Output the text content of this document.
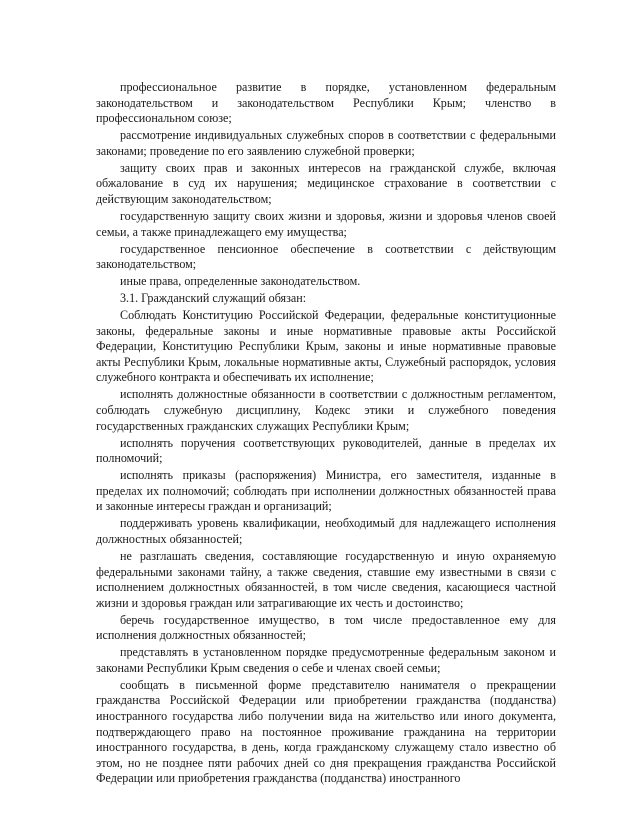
профессиональное развитие в порядке, установленном федеральным законодательством и законодательством Республики Крым; членство в профессиональном союзе;

рассмотрение индивидуальных служебных споров в соответствии с федеральными законами; проведение по его заявлению служебной проверки;

защиту своих прав и законных интересов на гражданской службе, включая обжалование в суд их нарушения; медицинское страхование в соответствии с действующим законодательством;

государственную защиту своих жизни и здоровья, жизни и здоровья членов своей семьи, а также принадлежащего ему имущества;

государственное пенсионное обеспечение в соответствии с действующим законодательством;

иные права, определенные законодательством.

3.1. Гражданский служащий обязан:

Соблюдать Конституцию Российской Федерации, федеральные конституционные законы, федеральные законы и иные нормативные правовые акты Российской Федерации, Конституцию Республики Крым, законы и иные нормативные правовые акты Республики Крым, локальные нормативные акты, Служебный распорядок, условия служебного контракта и обеспечивать их исполнение;

исполнять должностные обязанности в соответствии с должностным регламентом, соблюдать служебную дисциплину, Кодекс этики и служебного поведения государственных гражданских служащих Республики Крым;

исполнять поручения соответствующих руководителей, данные в пределах их полномочий;

исполнять приказы (распоряжения) Министра, его заместителя, изданные в пределах их полномочий; соблюдать при исполнении должностных обязанностей права и законные интересы граждан и организаций;

поддерживать уровень квалификации, необходимый для надлежащего исполнения должностных обязанностей;

не разглашать сведения, составляющие государственную и иную охраняемую федеральными законами тайну, а также сведения, ставшие ему известными в связи с исполнением должностных обязанностей, в том числе сведения, касающиеся частной жизни и здоровья граждан или затрагивающие их честь и достоинство;

беречь государственное имущество, в том числе предоставленное ему для исполнения должностных обязанностей;

представлять в установленном порядке предусмотренные федеральным законом и законами Республики Крым сведения о себе и членах своей семьи;

сообщать в письменной форме представителю нанимателя о прекращении гражданства Российской Федерации или приобретении гражданства (подданства) иностранного государства либо получении вида на жительство или иного документа, подтверждающего право на постоянное проживание гражданина на территории иностранного государства, в день, когда гражданскому служащему стало известно об этом, но не позднее пяти рабочих дней со дня прекращения гражданства Российской Федерации или приобретения гражданства (подданства) иностранного
